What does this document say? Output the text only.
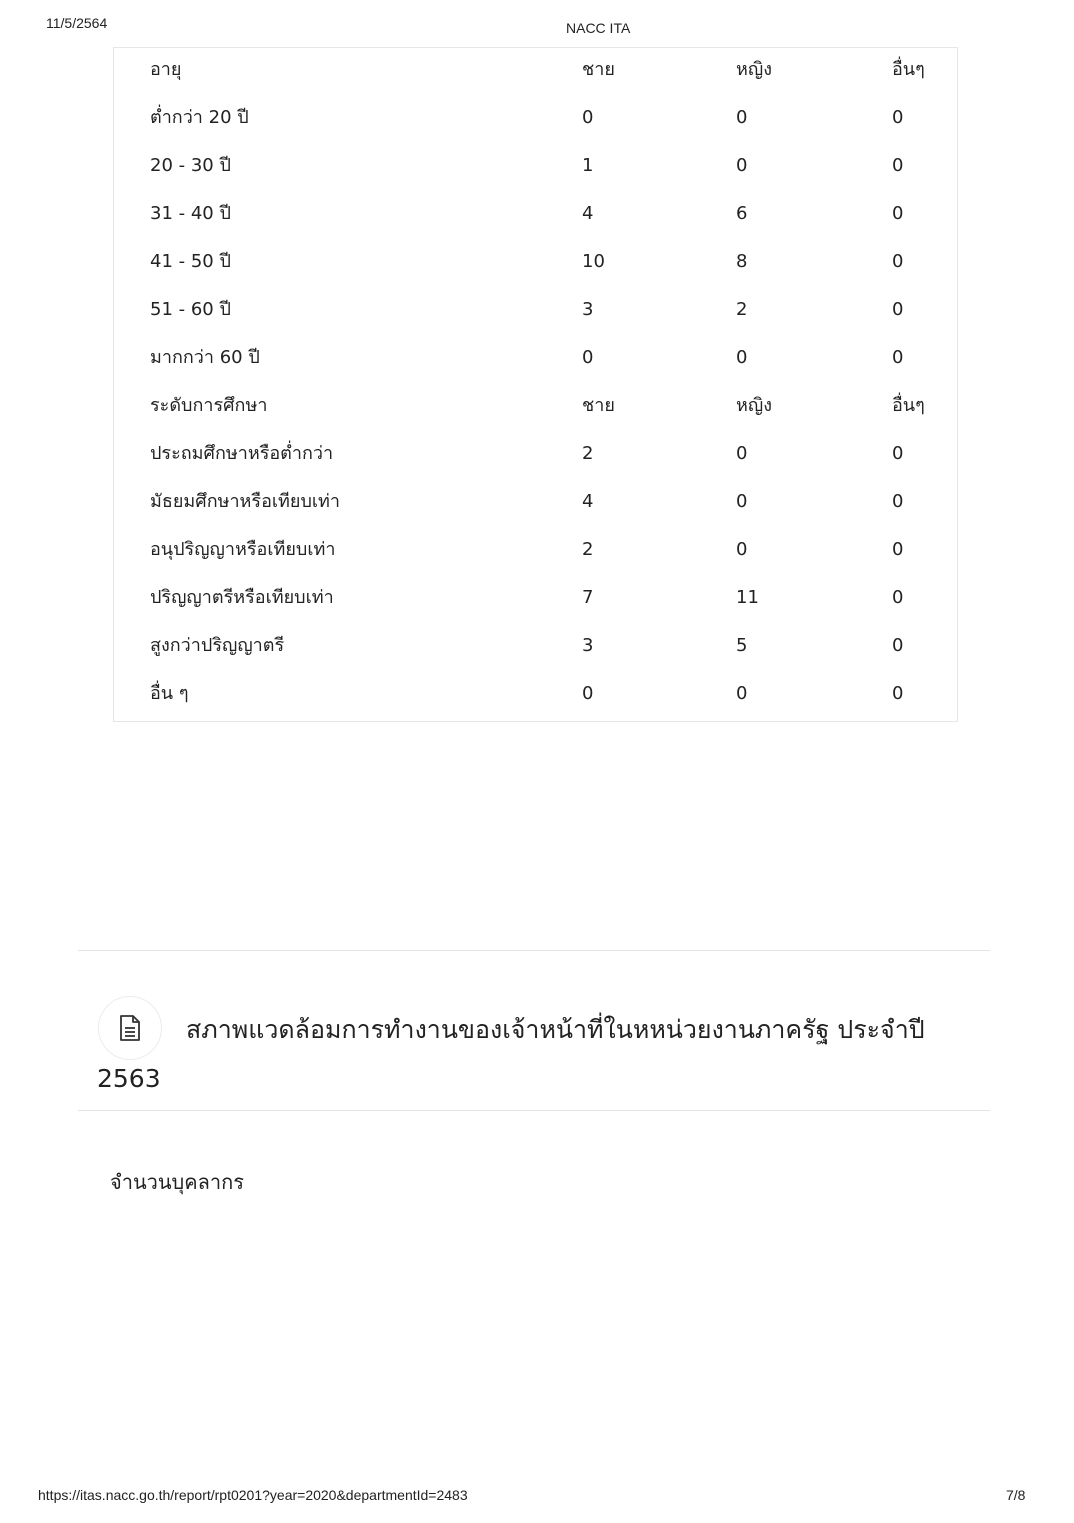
11/5/2564	NACC ITA
อายุ	ชาย	หญิง	อื่นๆ
ต่ำกว่า 20 ปี	0	0	0
20 - 30 ปี	1	0	0
31 - 40 ปี	4	6	0
41 - 50 ปี	10	8	0
51 - 60 ปี	3	2	0
มากกว่า 60 ปี	0	0	0
ระดับการศึกษา	ชาย	หญิง	อื่นๆ
ประถมศึกษาหรือต่ำกว่า	2	0	0
มัธยมศึกษาหรือเทียบเท่า	4	0	0
อนุปริญญาหรือเทียบเท่า	2	0	0
ปริญญาตรีหรือเทียบเท่า	7	11	0
สูงกว่าปริญญาตรี	3	5	0
อื่น ๆ	0	0	0
สภาพแวดล้อมการทำงานของเจ้าหน้าที่ในหหน่วยงานภาครัฐ ประจำปี
2563
จำนวนบุคลากร
https://itas.nacc.go.th/report/rpt0201?year=2020&departmentId=2483	7/8
